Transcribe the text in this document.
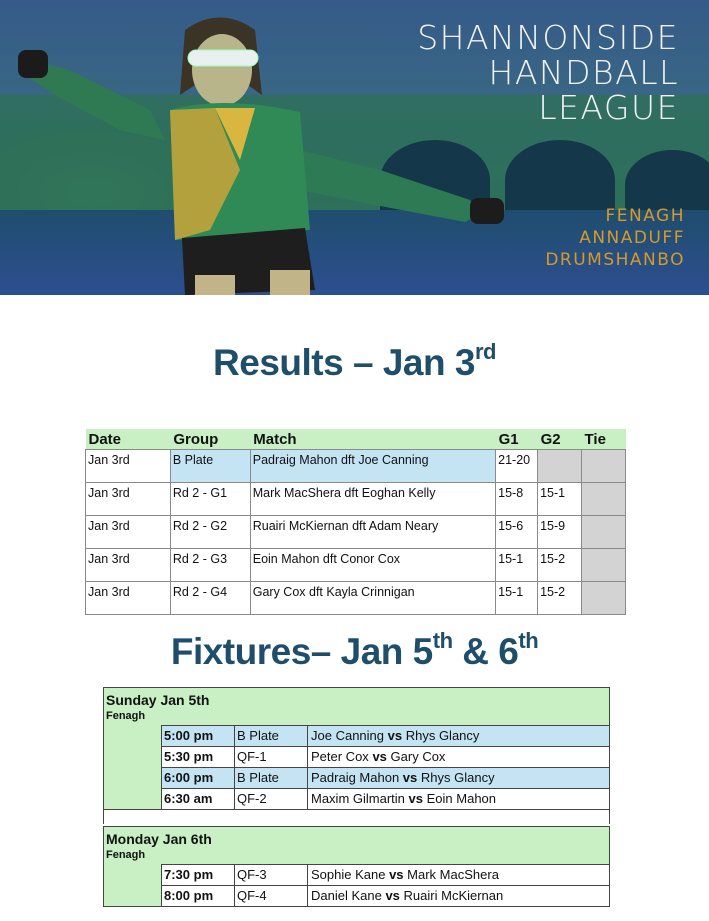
SHANNONSIDE
HANDBALL
LEAGUE
FENAGH
ANNADUFF
DRUMSHANBO
Results – Jan 3rd
Date	Group	Match	G1	G2	Tie
Jan 3rd	B Plate	Padraig Mahon dft Joe Canning	21-20		
Jan 3rd	Rd 2 - G1	Mark MacShera dft Eoghan Kelly	15-8	15-1	
Jan 3rd	Rd 2 - G2	Ruairi McKiernan dft Adam Neary	15-6	15-9	
Jan 3rd	Rd 2 - G3	Eoin Mahon dft Conor Cox	15-1	15-2	
Jan 3rd	Rd 2 - G4	Gary Cox dft Kayla Crinnigan	15-1	15-2	
Fixtures– Jan 5th & 6th
Sunday Jan 5th
Fenagh
5:00 pm	B Plate	Joe Canning vs Rhys Glancy
5:30 pm	QF-1	Peter Cox vs Gary Cox
6:00 pm	B Plate	Padraig Mahon vs Rhys Glancy
6:30 am	QF-2	Maxim Gilmartin vs Eoin Mahon
Monday Jan 6th
Fenagh
7:30 pm	QF-3	Sophie Kane vs Mark MacShera
8:00 pm	QF-4	Daniel Kane vs Ruairi McKiernan
